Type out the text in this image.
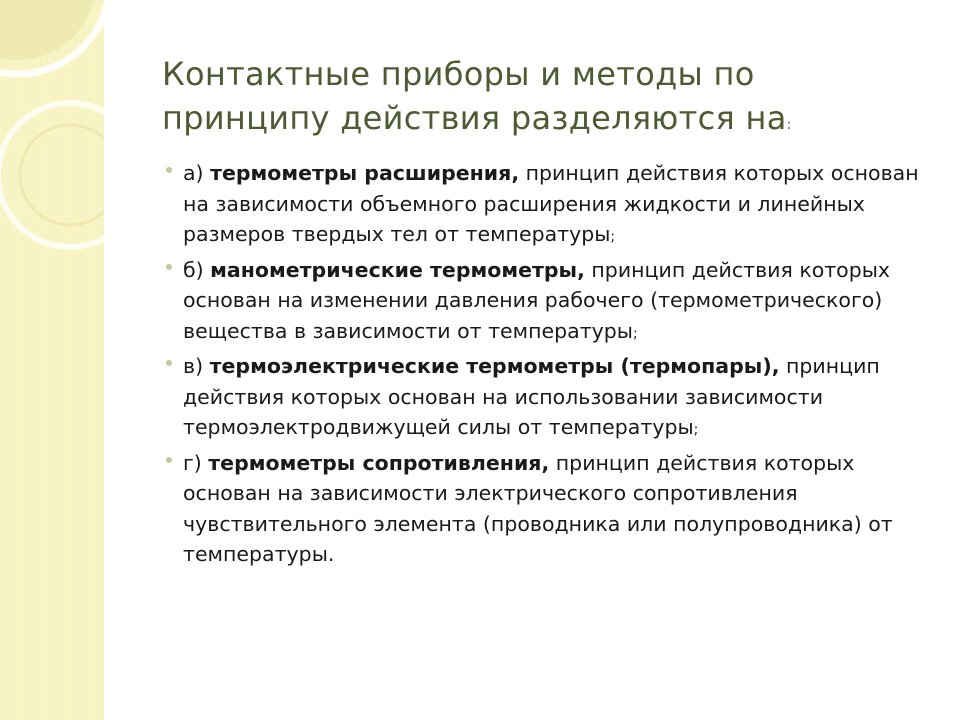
Контактные приборы и методы по
принципу действия разделяются на:
а) термометры расширения, принцип действия которых основан на зависимости объемного расширения жидкости и линейных размеров твердых тел от температуры;
б) манометрические термометры, принцип действия которых основан на изменении давления рабочего (термометрического) вещества в зависимости от температуры;
в) термоэлектрические термометры (термопары), принцип действия которых основан на использовании зависимости термоэлектродвижущей силы от температуры;
г) термометры сопротивления, принцип действия которых основан на зависимости электрического сопротивления чувствительного элемента (проводника или полупроводника) от температуры.
